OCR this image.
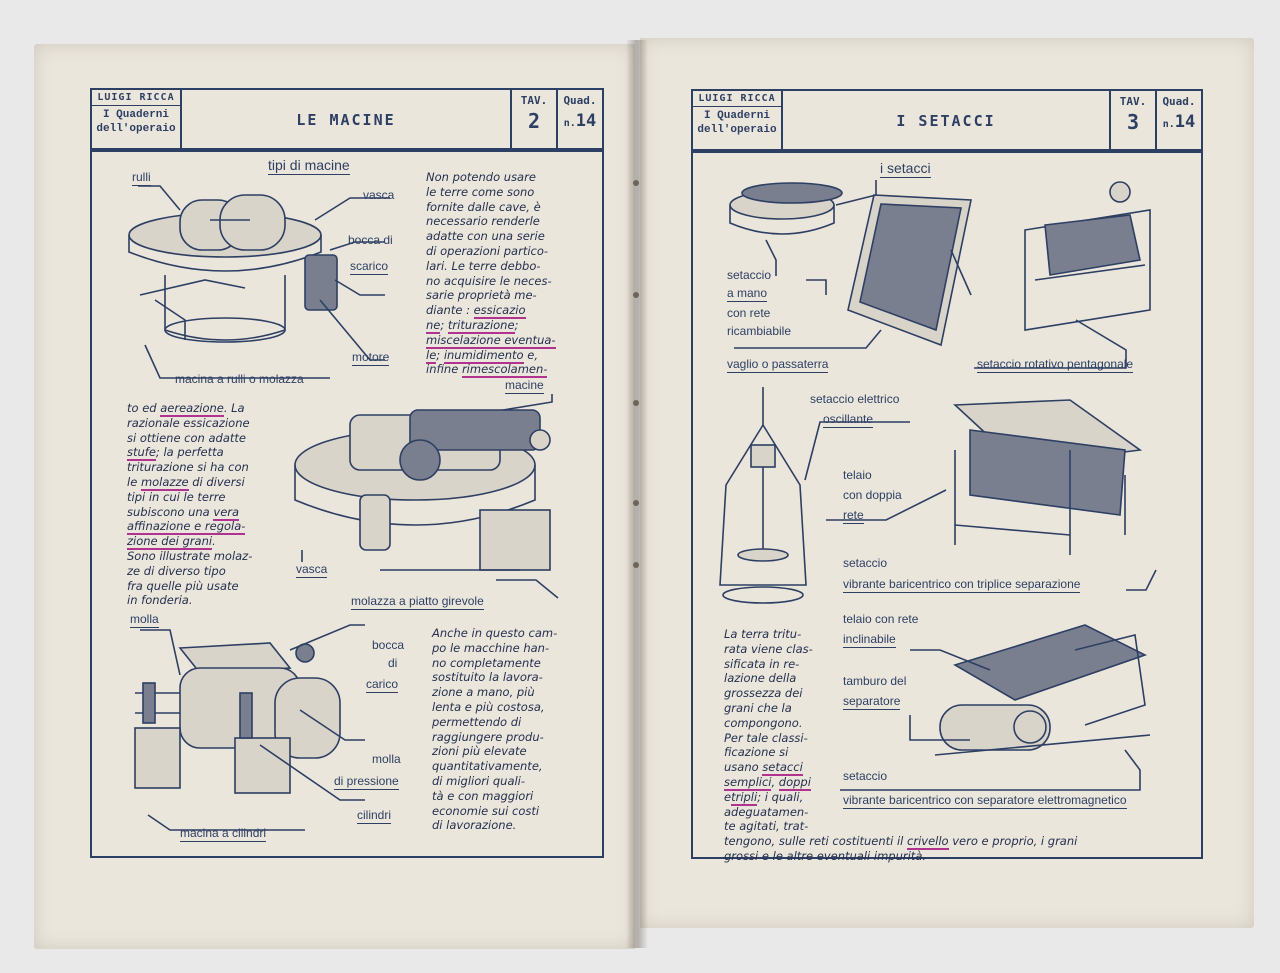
LUIGI RICCA
I Quaderni dell'operaio	LE MACINE
TAV.
2
Quad.
n.14
tipi di macine
rulli
vasca
bocca di
scarico
motore
macina a rulli o molazza
Non potendo usare
le terre come sono
fornite dalle cave, è
necessario renderle
adatte con una serie
di operazioni partico-
lari. Le terre debbo-
no acquisire le neces-
sarie proprietà me-
diante : essicazio
ne; triturazione;
miscelazione eventua-
le; inumidimento e,
infine rimescolamen-
macine
vasca
molazza a piatto girevole
to ed aereazione. La
razionale essicazione
si ottiene con adatte
stufe; la perfetta
triturazione si ha con
le molazze di diversi
tipi in cui le terre
subiscono una vera
affinazione e regola-
zione dei grani.
Sono illustrate molaz-
ze di diverso tipo
fra quelle più usate
in fonderia.
molla
bocca
di
carico
molla
di pressione
cilindri
macina a cilindri
Anche in questo cam-
po le macchine han-
no completamente
sostituito la lavora-
zione a mano, più
lenta e più costosa,
permettendo di
raggiungere produ-
zioni più elevate
quantitativamente,
di migliori quali-
tà e con maggiori
economie sui costi
di lavorazione.
LUIGI RICCA
I Quaderni dell'operaio	I SETACCI
TAV.
3
Quad.
n.14
i setacci
setaccio
a mano
con rete
ricambiabile
vaglio o passaterra	setaccio rotativo pentagonale
setaccio elettrico
oscillante
telaio
con doppia
rete
setaccio
vibrante baricentrico con triplice separazione
telaio con rete
inclinabile
tamburo del
separatore
setaccio
vibrante baricentrico con separatore elettromagnetico
La terra tritu-
rata viene clas-
sificata in re-
lazione della
grossezza dei
grani che la
compongono.
Per tale classi-
ficazione si
usano setacci
semplici, doppi
etripli; i quali,
adeguatamen-
te agitati, trat-
tengono, sulle reti costituenti il crivello vero e proprio, i grani
grossi e le altre eventuali impurità.
